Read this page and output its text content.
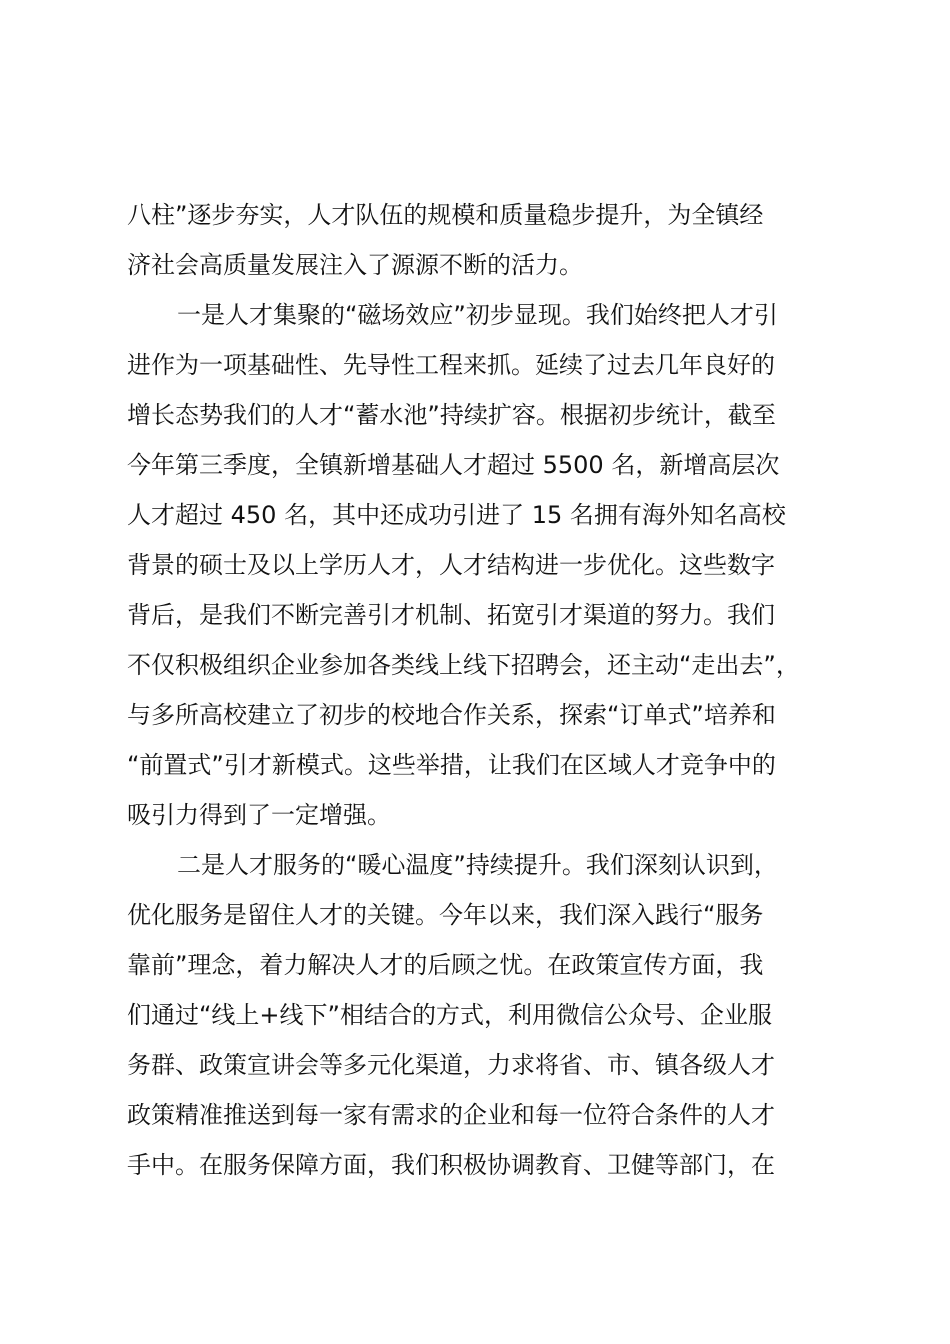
八柱”逐步夯实，人才队伍的规模和质量稳步提升，为全镇经
济社会高质量发展注入了源源不断的活力。
一是人才集聚的“磁场效应”初步显现。我们始终把人才引
进作为一项基础性、先导性工程来抓。延续了过去几年良好的
增长态势我们的人才“蓄水池”持续扩容。根据初步统计，截至
今年第三季度，全镇新增基础人才超过 5500 名，新增高层次
人才超过 450 名，其中还成功引进了 15 名拥有海外知名高校
背景的硕士及以上学历人才，人才结构进一步优化。这些数字
背后，是我们不断完善引才机制、拓宽引才渠道的努力。我们
不仅积极组织企业参加各类线上线下招聘会，还主动“走出去”，
与多所高校建立了初步的校地合作关系，探索“订单式”培养和
“前置式”引才新模式。这些举措，让我们在区域人才竞争中的
吸引力得到了一定增强。
二是人才服务的“暖心温度”持续提升。我们深刻认识到，
优化服务是留住人才的关键。今年以来，我们深入践行“服务
靠前”理念，着力解决人才的后顾之忧。在政策宣传方面，我
们通过“线上+线下”相结合的方式，利用微信公众号、企业服
务群、政策宣讲会等多元化渠道，力求将省、市、镇各级人才
政策精准推送到每一家有需求的企业和每一位符合条件的人才
手中。在服务保障方面，我们积极协调教育、卫健等部门，在
